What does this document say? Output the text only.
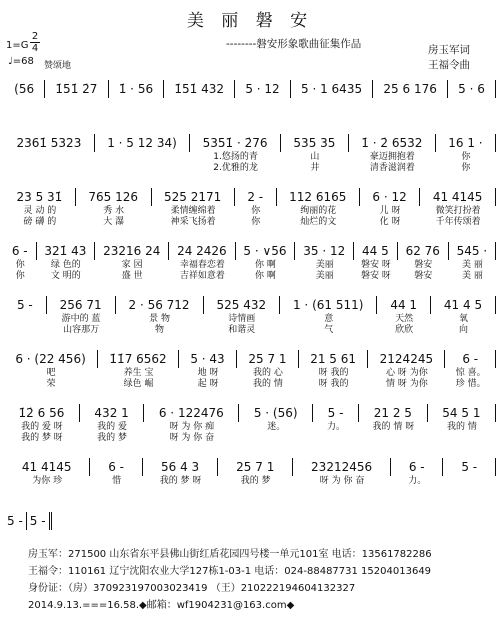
美 丽 磐 安
--------磐安形象歌曲征集作品	房玉军词
王福令曲
1=G
2
4
♩=68 赞颂地
(56	1̇51̇ 2̇7	1̇ · 56	1̇51̇ 432	5 · 12	5 · 1 6435	25 6 176	5 · 6
2361̇ 5323	1 · 5 12 34)	5351̇ · 2̇76
1.悠扬的青
2.优雅的龙
535 35
山
井
1̇ · 2̇ 6532
豪迈拥抱着
清香滋润着
16 1 ·
你
你
23 5 31̇
灵 动 的
磅 礴 的
765 126
秀 水
大 瀑
525 2171
柔情缠绵着
神采飞扬着
2 -
你
你
112 6165
绚丽的花
灿烂的文
6 · 12
儿 呀
化 呀
41 4145
微笑打扮着
千年传颂着
6 -
你
你
321̇ 43
绿 色的
文 明的
23216 24
家 园
盛 世
24 2426
幸福春恋着
吉祥如意着
5 · ∨56
你 啊
你 啊
35 · 12
美丽
美丽
44 5
磐安 呀
磐安 呀
62 76
磐安
磐安
545 ·
美 丽
美 丽
5 -	256 71
游中的 蓝
山容那万
2 · 56 712
景 物
物
525 432
诗情画
和谐灵
1 · (61 511)
意
气
44 1
天然
欣欣
41 4 5
氧
向
6 · (22 456)
吧
荣
1̇1̇7 6562
养生 宝
绿色 崛
5 · 43
地 呀
起 呀
25 7 1
我的 心
我的 情
21 5 61
呀 我的
呀 我的
2124245
心 呀 为你
情 呀 为你
6 -
惊 喜。
珍 惜。
1̇2̇ 6 56
我的 爱 呀
我的 梦 呀
432 1
我的 爱
我的 梦
6 · 122476
呀 为 你 痴
呀 为 你 奋
5 · (56)
迷。
5 -
力。
21 2 5
我的 情 呀
54 5 1
我的 情
41 4145
为你 珍
6 -
惜
56 4 3
我的 梦 呀
25 7 1
我的 梦
23212456
呀 为 你 奋
6 -
力。
5 -
5 - 5 -
房玉军：271500 山东省东平县佛山街红盾花园四号楼一单元101室 电话：13561782286
王福令：110161 辽宁沈阳农业大学127栋1-03-1 电话：024-88487731 15204013649
身份证：（房）370923197003023419 （王）210222194604132327
2014.9.13.===16.58.◆邮箱：wf1904231@163.com◆
